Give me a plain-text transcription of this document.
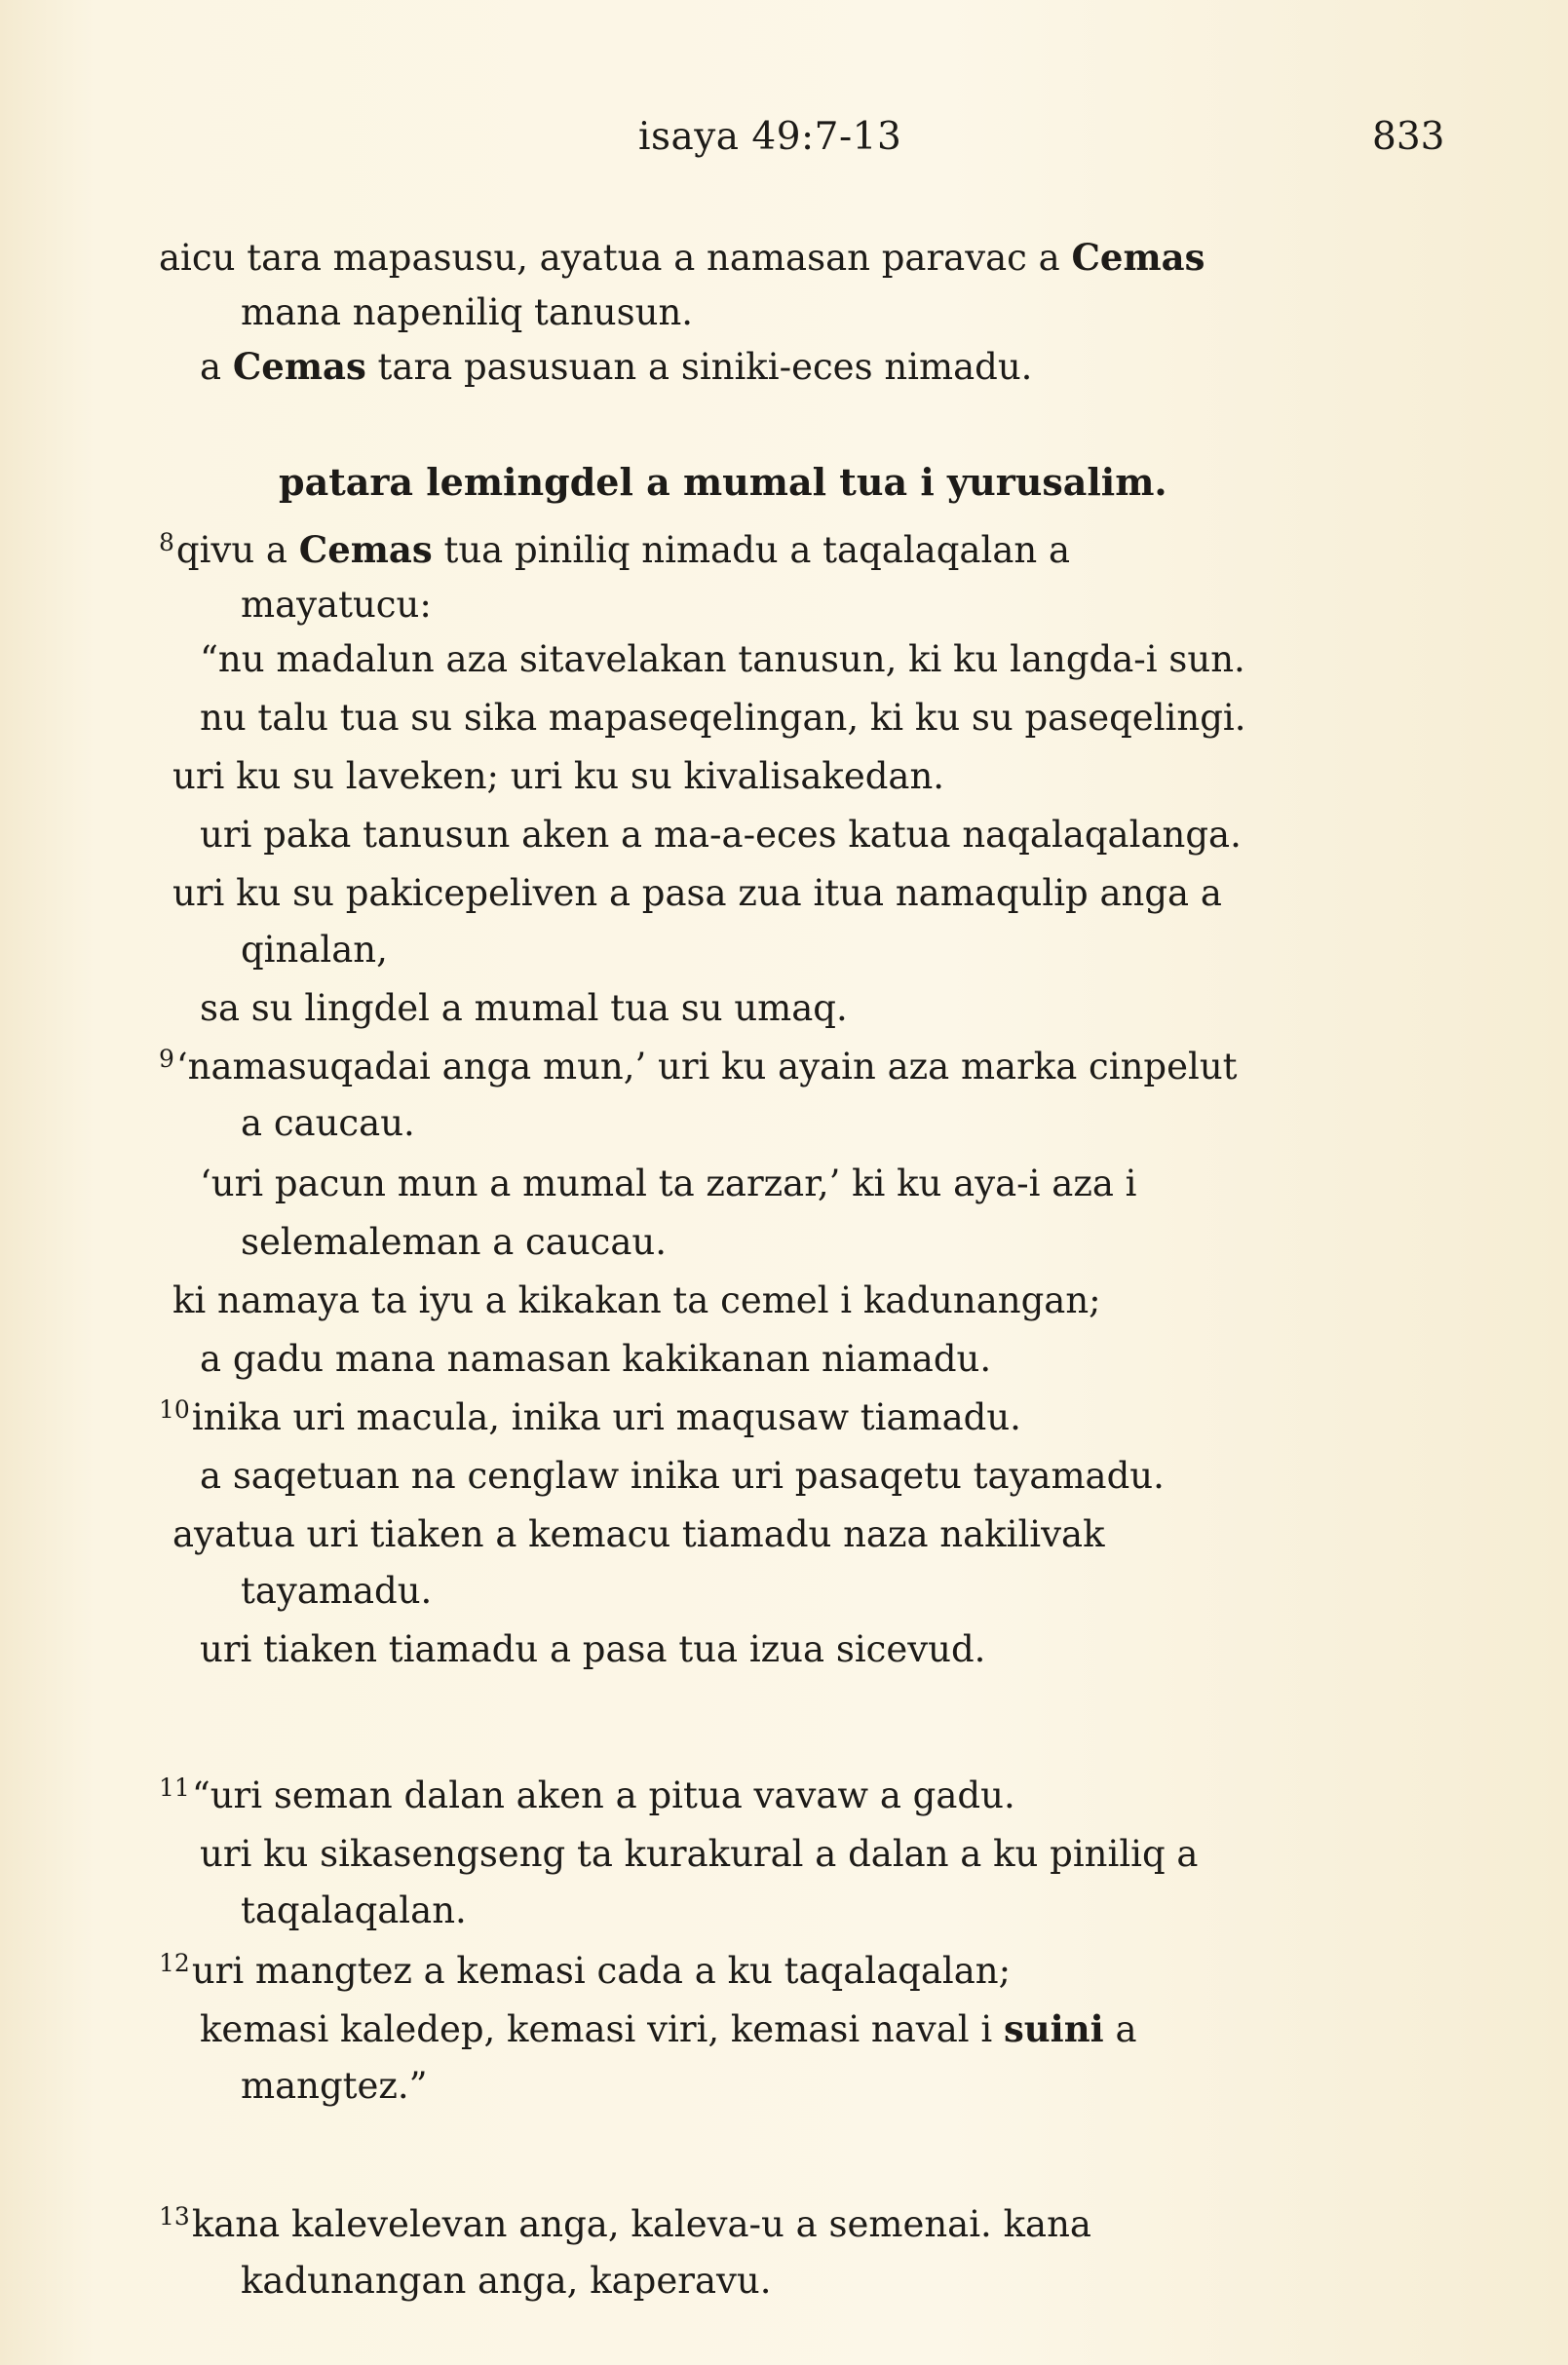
isaya 49:7-13	833
aicu tara mapasusu, ayatua a namasan paravac a Cemas
mana napeniliq tanusun.
a Cemas tara pasusuan a siniki-eces nimadu.
patara lemingdel a mumal tua i yurusalim.
$^8$qivu a Cemas tua piniliq nimadu a taqalaqalan a
mayatucu:
“nu madalun aza sitavelakan tanusun, ki ku langda-i sun.
nu talu tua su sika mapaseqelingan, ki ku su paseqelingi.
uri ku su laveken; uri ku su kivalisakedan.
uri paka tanusun aken a ma-a-eces katua naqalaqalanga.
uri ku su pakicepeliven a pasa zua itua namaqulip anga a
qinalan,
sa su lingdel a mumal tua su umaq.
$^9$‘namasuqadai anga mun,’ uri ku ayain aza marka cinpelut
a caucau.
‘uri pacun mun a mumal ta zarzar,’ ki ku aya-i aza i
selemaleman a caucau.
ki namaya ta iyu a kikakan ta cemel i kadunangan;
a gadu mana namasan kakikanan niamadu.
$^{10}$inika uri macula, inika uri maqusaw tiamadu.
a saqetuan na cenglaw inika uri pasaqetu tayamadu.
ayatua uri tiaken a kemacu tiamadu naza nakilivak
tayamadu.
uri tiaken tiamadu a pasa tua izua sicevud.
$^{11}$“uri seman dalan aken a pitua vavaw a gadu.
uri ku sikasengseng ta kurakural a dalan a ku piniliq a
taqalaqalan.
$^{12}$uri mangtez a kemasi cada a ku taqalaqalan;
kemasi kaledep, kemasi viri, kemasi naval i suini a
mangtez.”
$^{13}$kana kalevelevan anga, kaleva-u a semenai. kana
kadunangan anga, kaperavu.
